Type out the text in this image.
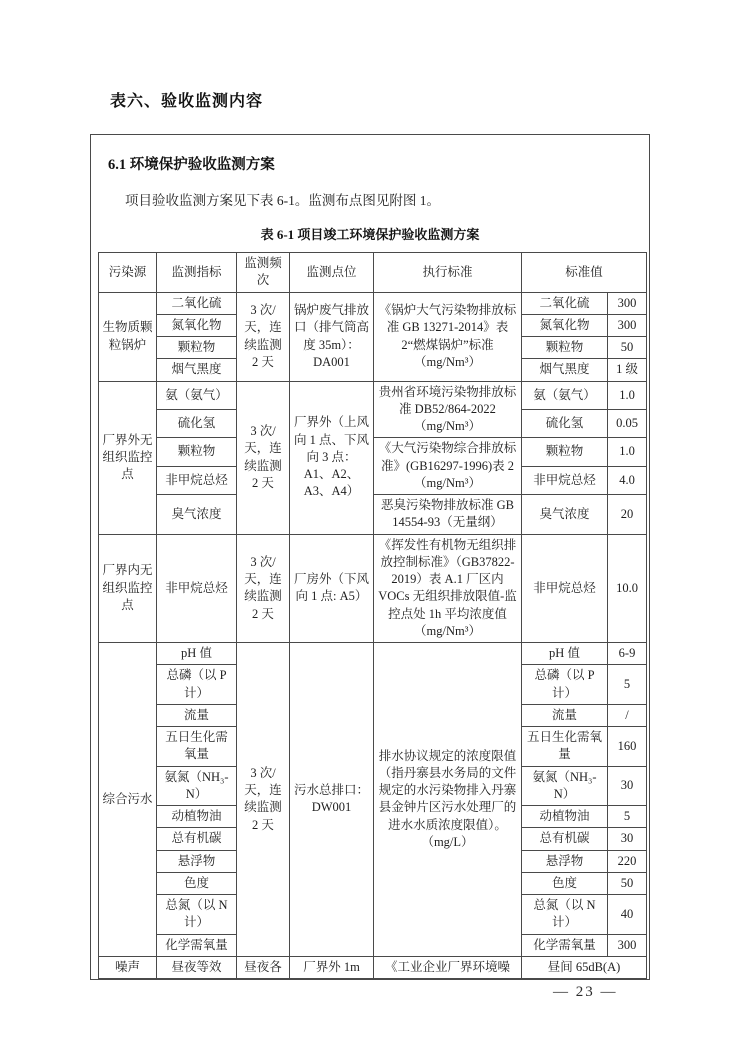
表六、验收监测内容
6.1 环境保护验收监测方案
项目验收监测方案见下表 6-1。监测布点图见附图 1。
表 6-1 项目竣工环境保护验收监测方案
污染源	监测指标	监测频次	监测点位	执行标准	标准值	
生物质颗粒锅炉	二氧化硫	3 次/天，连续监测 2 天	锅炉废气排放口（排气筒高度 35m）：DA001	《锅炉大气污染物排放标准 GB 13271-2014》表 2“燃煤锅炉”标准（mg/Nm³）	二氧化硫	300
	氮氧化物				氮氧化物	300
	颗粒物				颗粒物	50
	烟气黑度				烟气黑度	1 级
厂界外无组织监控点	氨（氨气）	3 次/天，连续监测 2 天	厂界外（上风向 1 点、下风向 3 点：A1、A2、A3、A4）	贵州省环境污染物排放标准 DB52/864-2022（mg/Nm³）	氨（氨气）	1.0
	硫化氢				硫化氢	0.05
	颗粒物			《大气污染物综合排放标准》(GB16297-1996)表 2（mg/Nm³）	颗粒物	1.0
	非甲烷总烃				非甲烷总烃	4.0
	臭气浓度			恶臭污染物排放标准 GB 14554-93（无量纲）	臭气浓度	20
厂界内无组织监控点	非甲烷总烃	3 次/天，连续监测 2 天	厂房外（下风向 1 点: A5）	《挥发性有机物无组织排放控制标准》（GB37822-2019）表 A.1 厂区内 VOCs 无组织排放限值-监控点处 1h 平均浓度值（mg/Nm³）	非甲烷总烃	10.0
综合污水	pH 值	3 次/天，连续监测 2 天	污水总排口：DW001	排水协议规定的浓度限值（指丹寨县水务局的文件规定的水污染物排入丹寨县金钟片区污水处理厂的进水水质浓度限值）。（mg/L）	pH 值	6-9
	总磷（以 P 计）				总磷（以 P 计）	5
	流量				流量	/
	五日生化需氧量				五日生化需氧量	160
	氨氮（NH₃-N）				氨氮（NH₃-N）	30
	动植物油				动植物油	5
	总有机碳				总有机碳	30
	悬浮物				悬浮物	220
	色度				色度	50
	总氮（以 N 计）				总氮（以 N 计）	40
	化学需氧量				化学需氧量	300
噪声	昼夜等效	昼夜各	厂界外 1m	《工业企业厂界环境噪	昼间 65dB(A)	
— 23 —
